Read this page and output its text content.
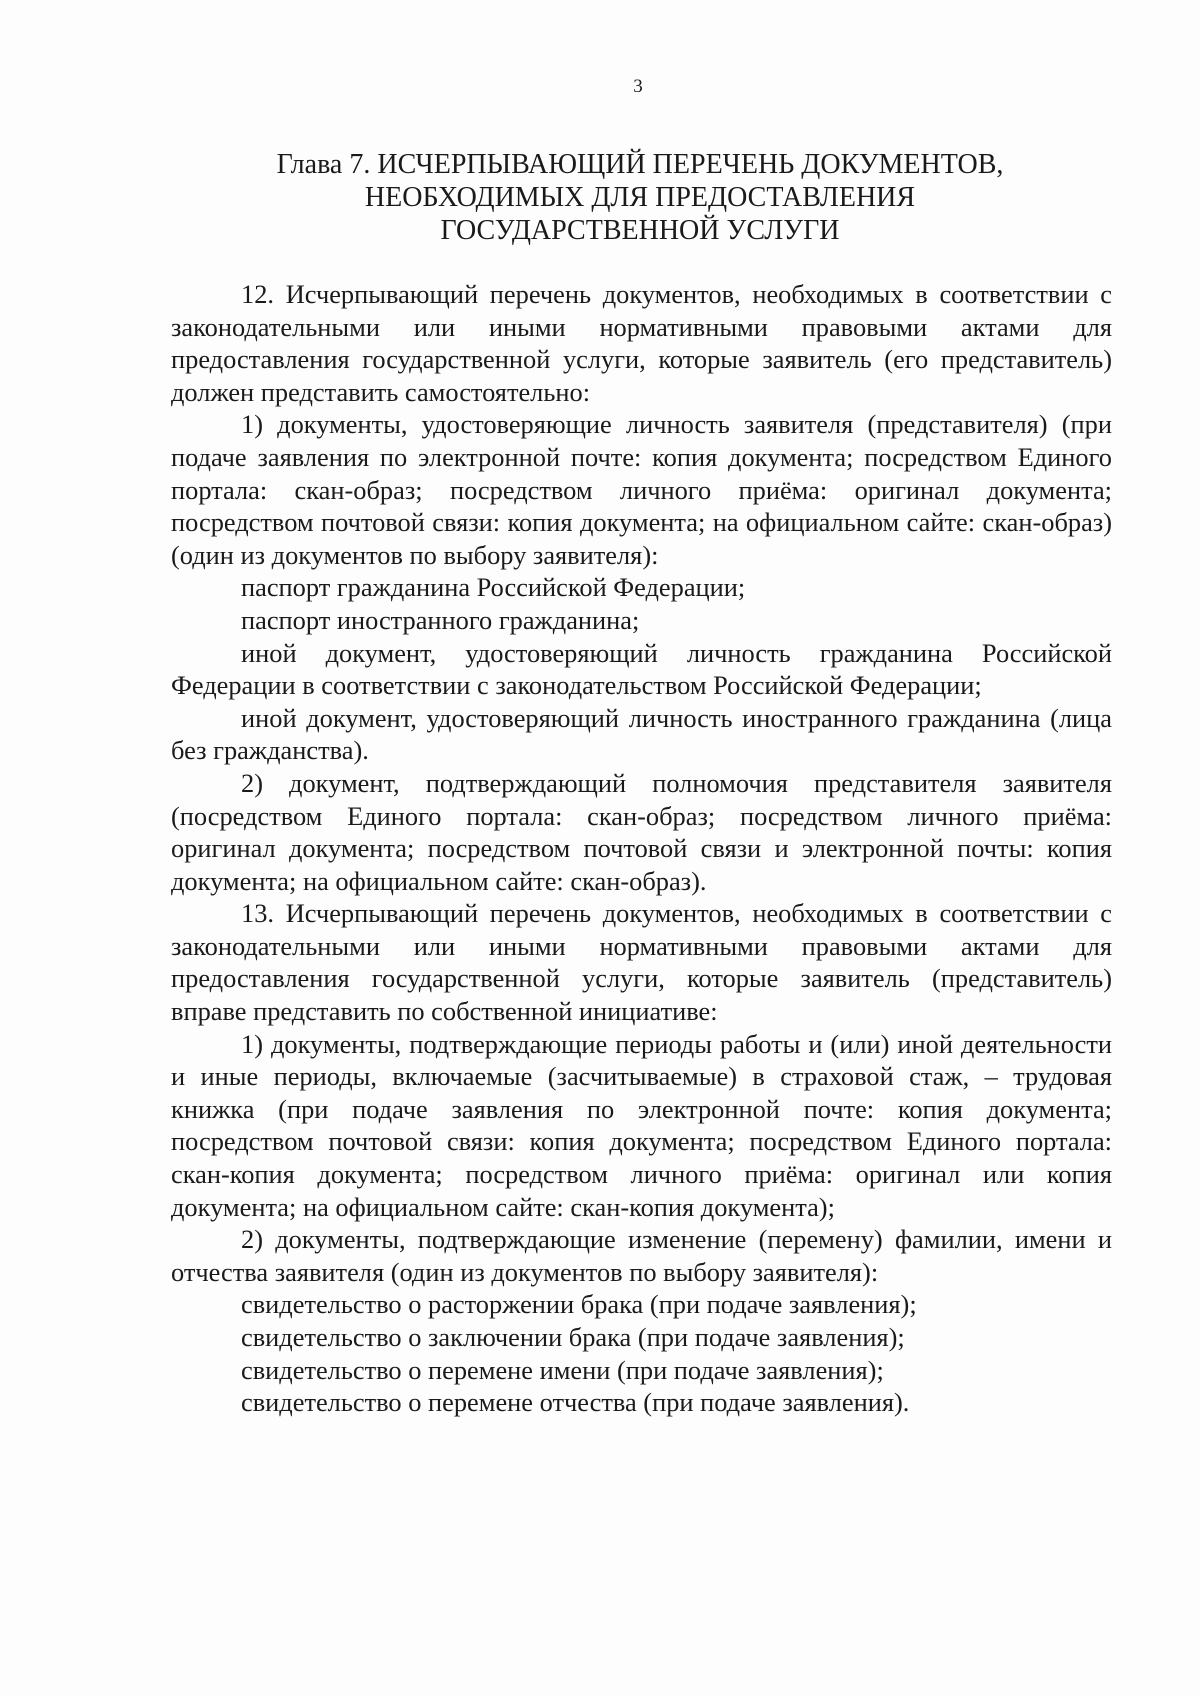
3
Глава 7. ИСЧЕРПЫВАЮЩИЙ ПЕРЕЧЕНЬ ДОКУМЕНТОВ,
НЕОБХОДИМЫХ ДЛЯ ПРЕДОСТАВЛЕНИЯ
ГОСУДАРСТВЕННОЙ УСЛУГИ

12. Исчерпывающий перечень документов, необходимых в соответствии с законодательными или иными нормативными правовыми актами для предоставления государственной услуги, которые заявитель (его представитель) должен представить самостоятельно:

1) документы, удостоверяющие личность заявителя (представителя) (при подаче заявления по электронной почте: копия документа; посредством Единого портала: скан-образ; посредством личного приёма: оригинал документа; посредством почтовой связи: копия документа; на официальном сайте: скан-образ) (один из документов по выбору заявителя):

паспорт гражданина Российской Федерации;

паспорт иностранного гражданина;

иной документ, удостоверяющий личность гражданина Российской Федерации в соответствии с законодательством Российской Федерации;

иной документ, удостоверяющий личность иностранного гражданина (лица без гражданства).

2) документ, подтверждающий полномочия представителя заявителя (посредством Единого портала: скан-образ; посредством личного приёма: оригинал документа; посредством почтовой связи и электронной почты: копия документа; на официальном сайте: скан-образ).

13. Исчерпывающий перечень документов, необходимых в соответствии с законодательными или иными нормативными правовыми актами для предоставления государственной услуги, которые заявитель (представитель) вправе представить по собственной инициативе:

1) документы, подтверждающие периоды работы и (или) иной деятельности и иные периоды, включаемые (засчитываемые) в страховой стаж, – трудовая книжка (при подаче заявления по электронной почте: копия документа; посредством почтовой связи: копия документа; посредством Единого портала: скан-копия документа; посредством личного приёма: оригинал или копия документа; на официальном сайте: скан-копия документа);

2) документы, подтверждающие изменение (перемену) фамилии, имени и отчества заявителя (один из документов по выбору заявителя):

свидетельство о расторжении брака (при подаче заявления);

свидетельство о заключении брака (при подаче заявления);

свидетельство о перемене имени (при подаче заявления);

свидетельство о перемене отчества (при подаче заявления).
